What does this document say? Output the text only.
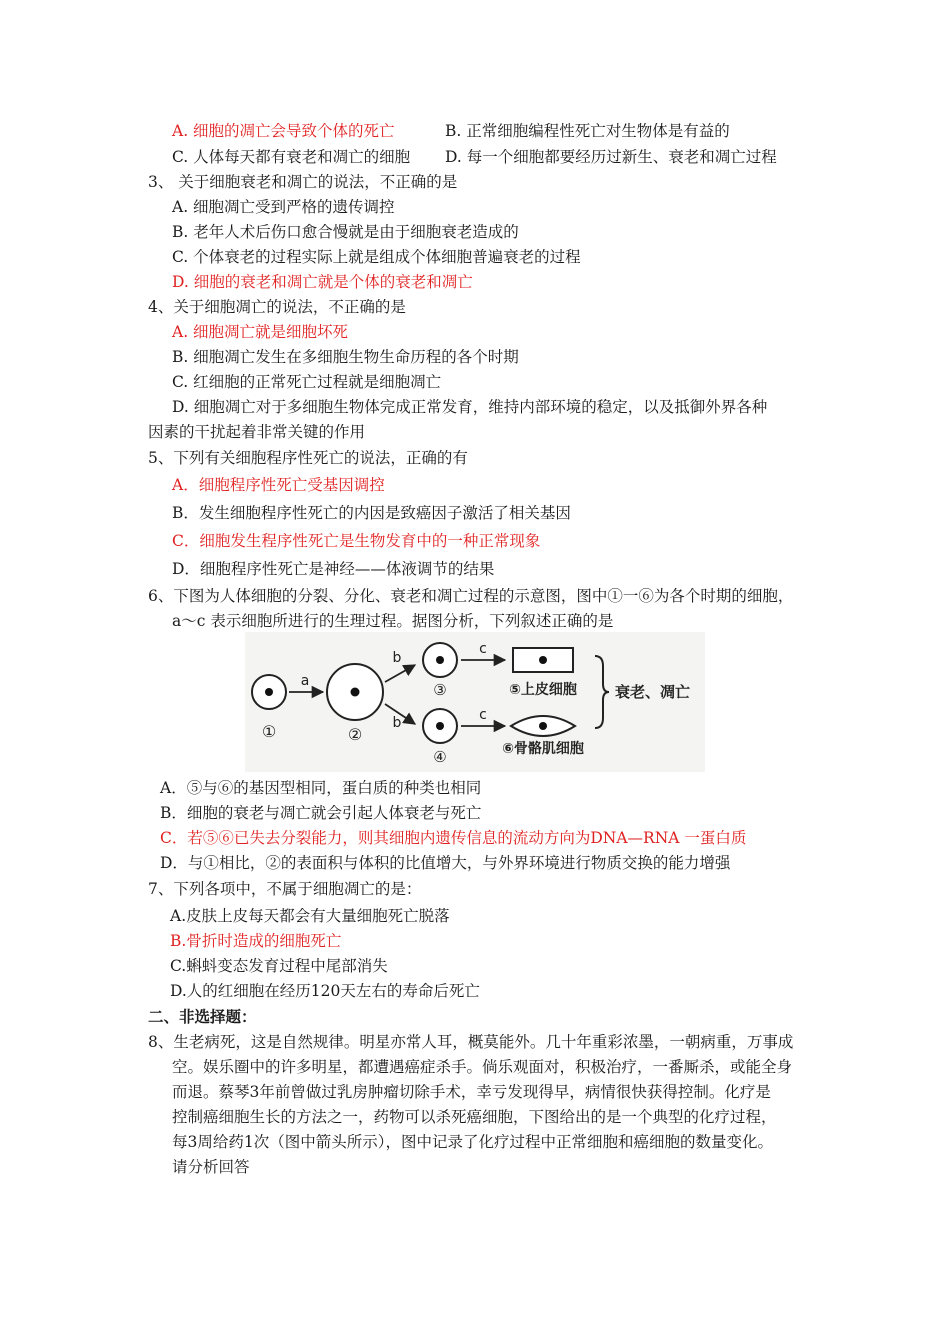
A. 细胞的凋亡会导致个体的死亡	B. 正常细胞编程性死亡对生物体是有益的
C. 人体每天都有衰老和凋亡的细胞 D. 每一个细胞都要经历过新生、衰老和凋亡过程
3、 关于细胞衰老和凋亡的说法，不正确的是
A. 细胞凋亡受到严格的遗传调控
B. 老年人术后伤口愈合慢就是由于细胞衰老造成的
C. 个体衰老的过程实际上就是组成个体细胞普遍衰老的过程
D. 细胞的衰老和凋亡就是个体的衰老和凋亡
4、关于细胞凋亡的说法，不正确的是
A. 细胞凋亡就是细胞坏死
B. 细胞凋亡发生在多细胞生物生命历程的各个时期
C. 红细胞的正常死亡过程就是细胞凋亡
D. 细胞凋亡对于多细胞生物体完成正常发育，维持内部环境的稳定，以及抵御外界各种
因素的干扰起着非常关键的作用
5、下列有关细胞程序性死亡的说法，正确的有
A．细胞程序性死亡受基因调控
B．发生细胞程序性死亡的内因是致癌因子激活了相关基因
C．细胞发生程序性死亡是生物发育中的一种正常现象
D．细胞程序性死亡是神经——体液调节的结果
6、下图为人体细胞的分裂、分化、衰老和凋亡过程的示意图，图中①一⑥为各个时期的细胞，
a～c 表示细胞所进行的生理过程。据图分析，下列叙述正确的是
①
a
②
b
b
③
④
c
c
⑤上皮细胞
⑥骨骼肌细胞
衰老、凋亡
A．⑤与⑥的基因型相同，蛋白质的种类也相同
B．细胞的衰老与凋亡就会引起人体衰老与死亡
C．若⑤⑥已失去分裂能力，则其细胞内遗传信息的流动方向为DNA—RNA 一蛋白质
D．与①相比，②的表面积与体积的比值增大，与外界环境进行物质交换的能力增强
7、下列各项中，不属于细胞凋亡的是：
A.皮肤上皮每天都会有大量细胞死亡脱落
B.骨折时造成的细胞死亡
C.蝌蚪变态发育过程中尾部消失
D.人的红细胞在经历120天左右的寿命后死亡
二、非选择题：
8、生老病死，这是自然规律。明星亦常人耳，概莫能外。几十年重彩浓墨，一朝病重，万事成
空。娱乐圈中的许多明星，都遭遇癌症杀手。倘乐观面对，积极治疗，一番厮杀，或能全身
而退。蔡琴3年前曾做过乳房肿瘤切除手术，幸亏发现得早，病情很快获得控制。化疗是
控制癌细胞生长的方法之一，药物可以杀死癌细胞，下图给出的是一个典型的化疗过程，
每3周给药1次（图中箭头所示），图中记录了化疗过程中正常细胞和癌细胞的数量变化。
请分析回答
